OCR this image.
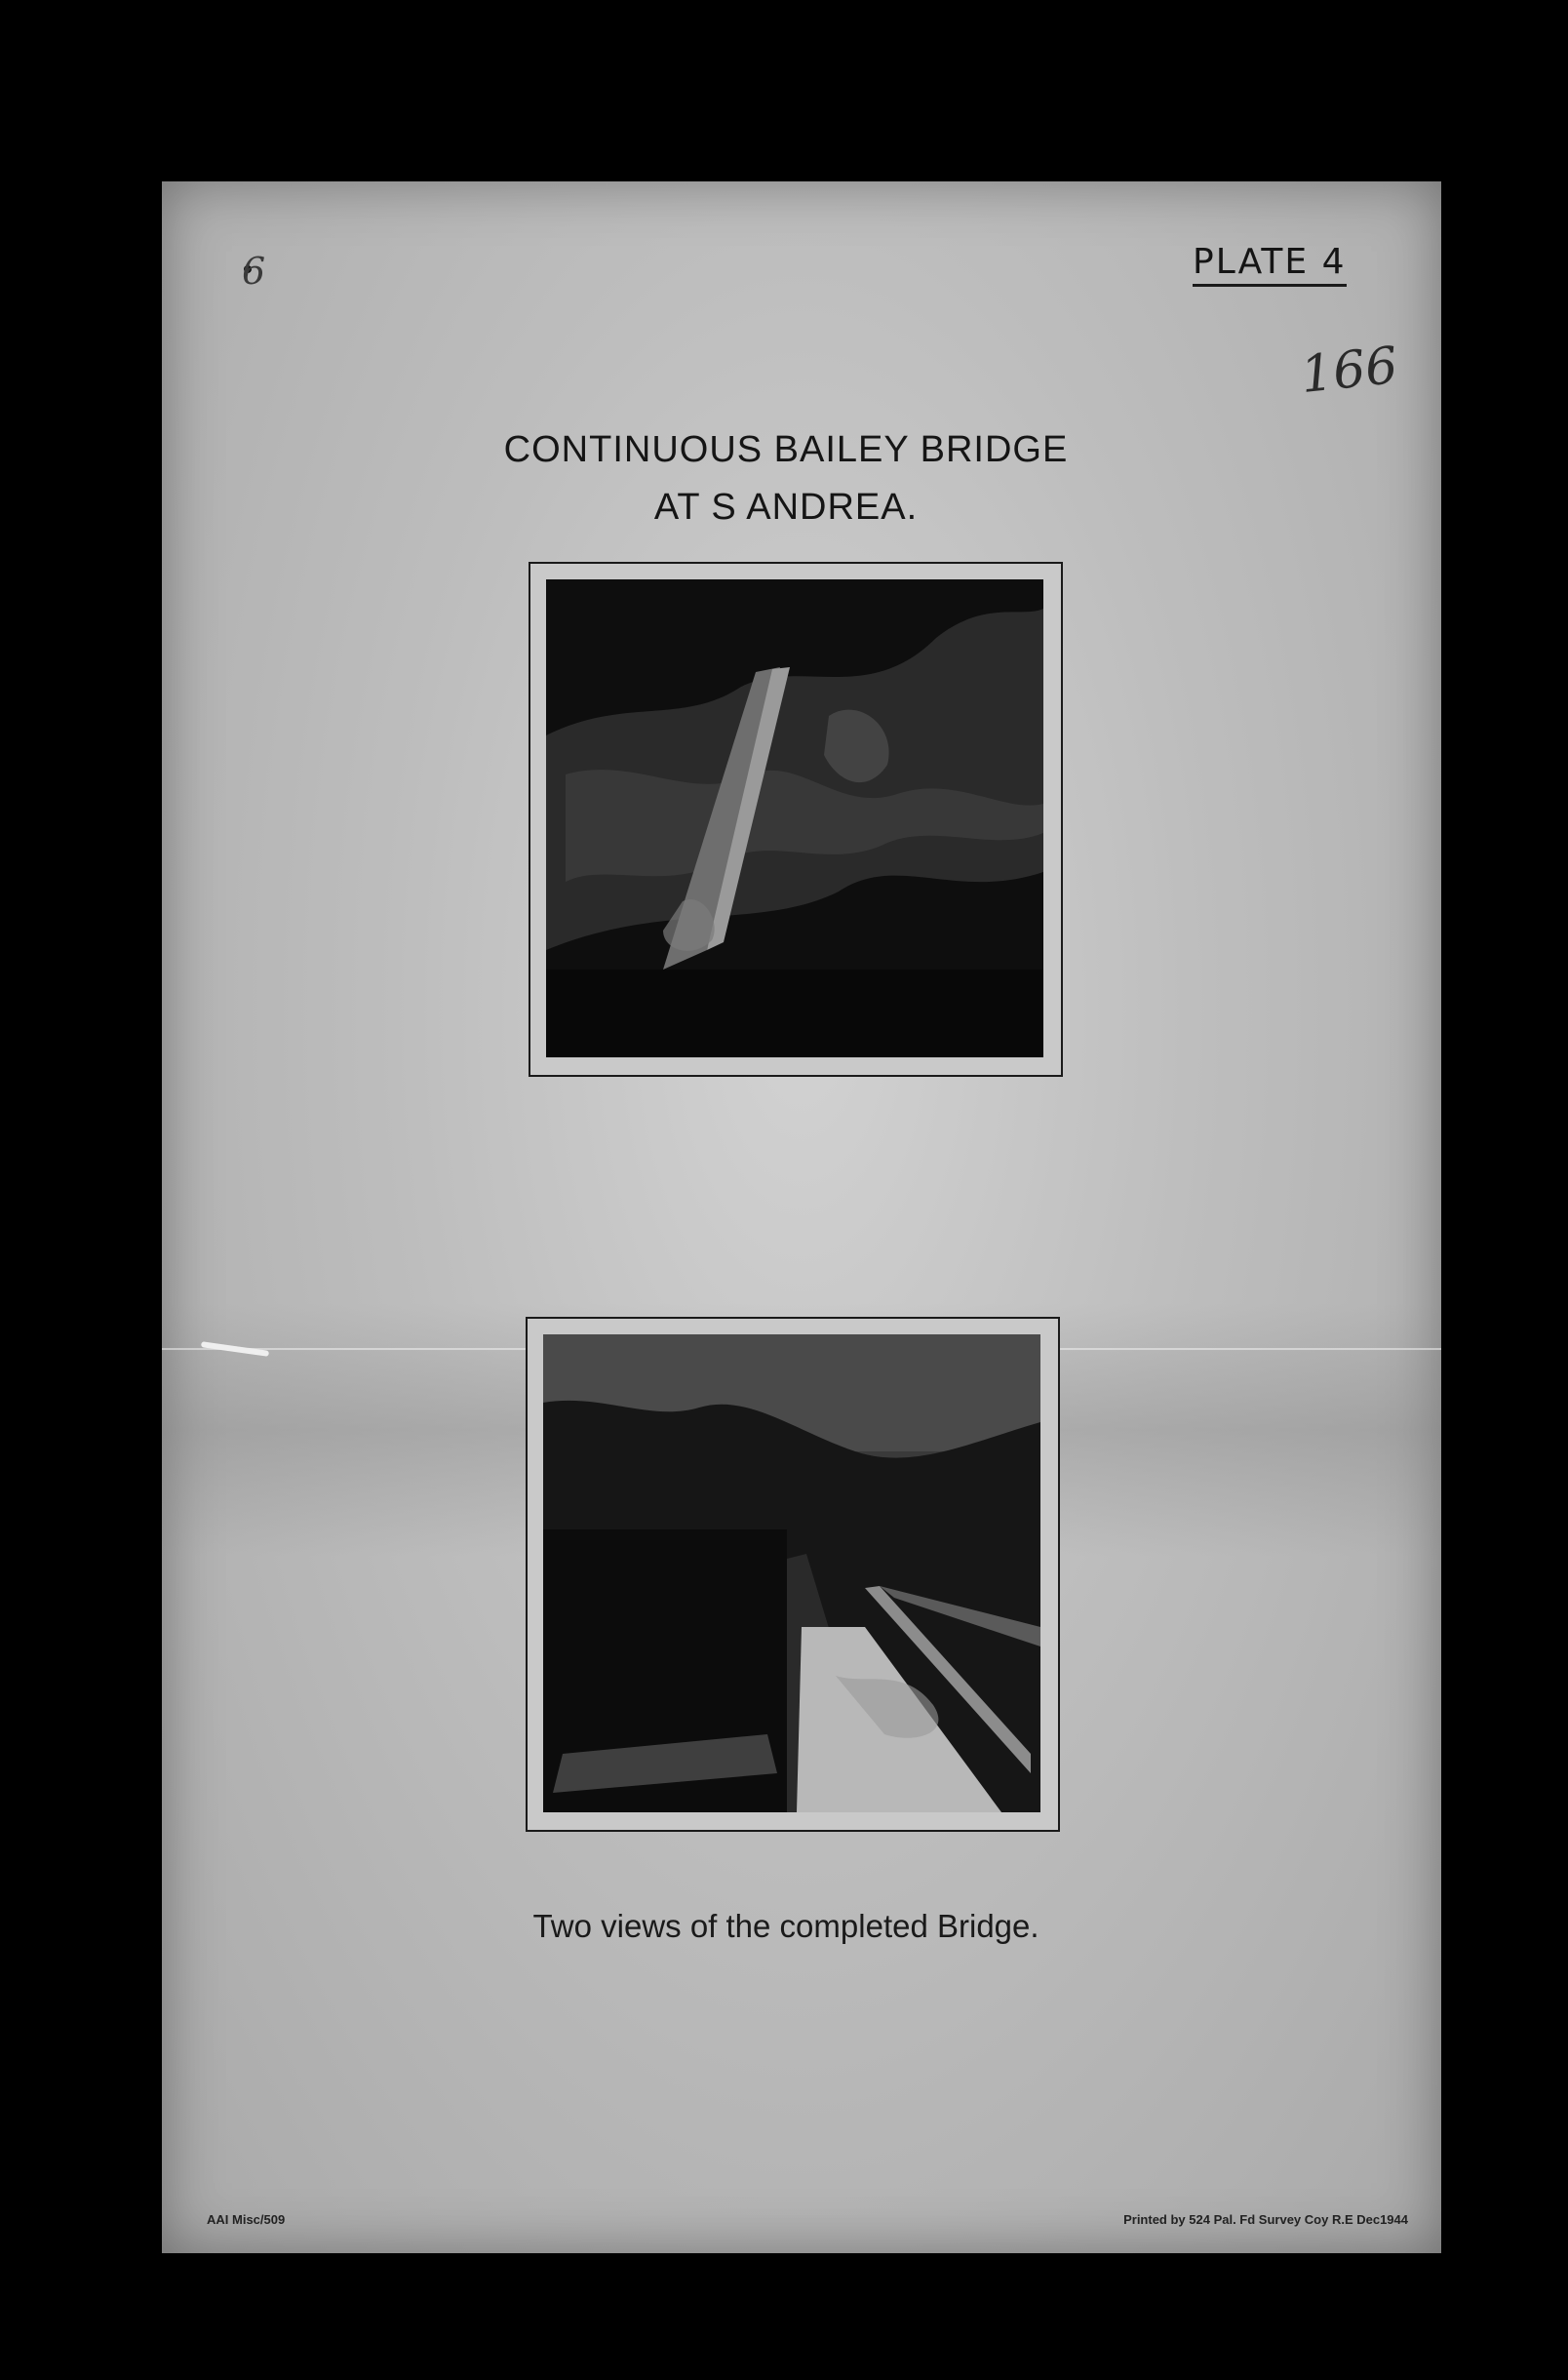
6	PLATE 4
166
CONTINUOUS BAILEY BRIDGE
AT S ANDREA.
Two views of the completed Bridge.
AAI Misc/509	Printed by 524 Pal. Fd Survey Coy R.E Dec1944
